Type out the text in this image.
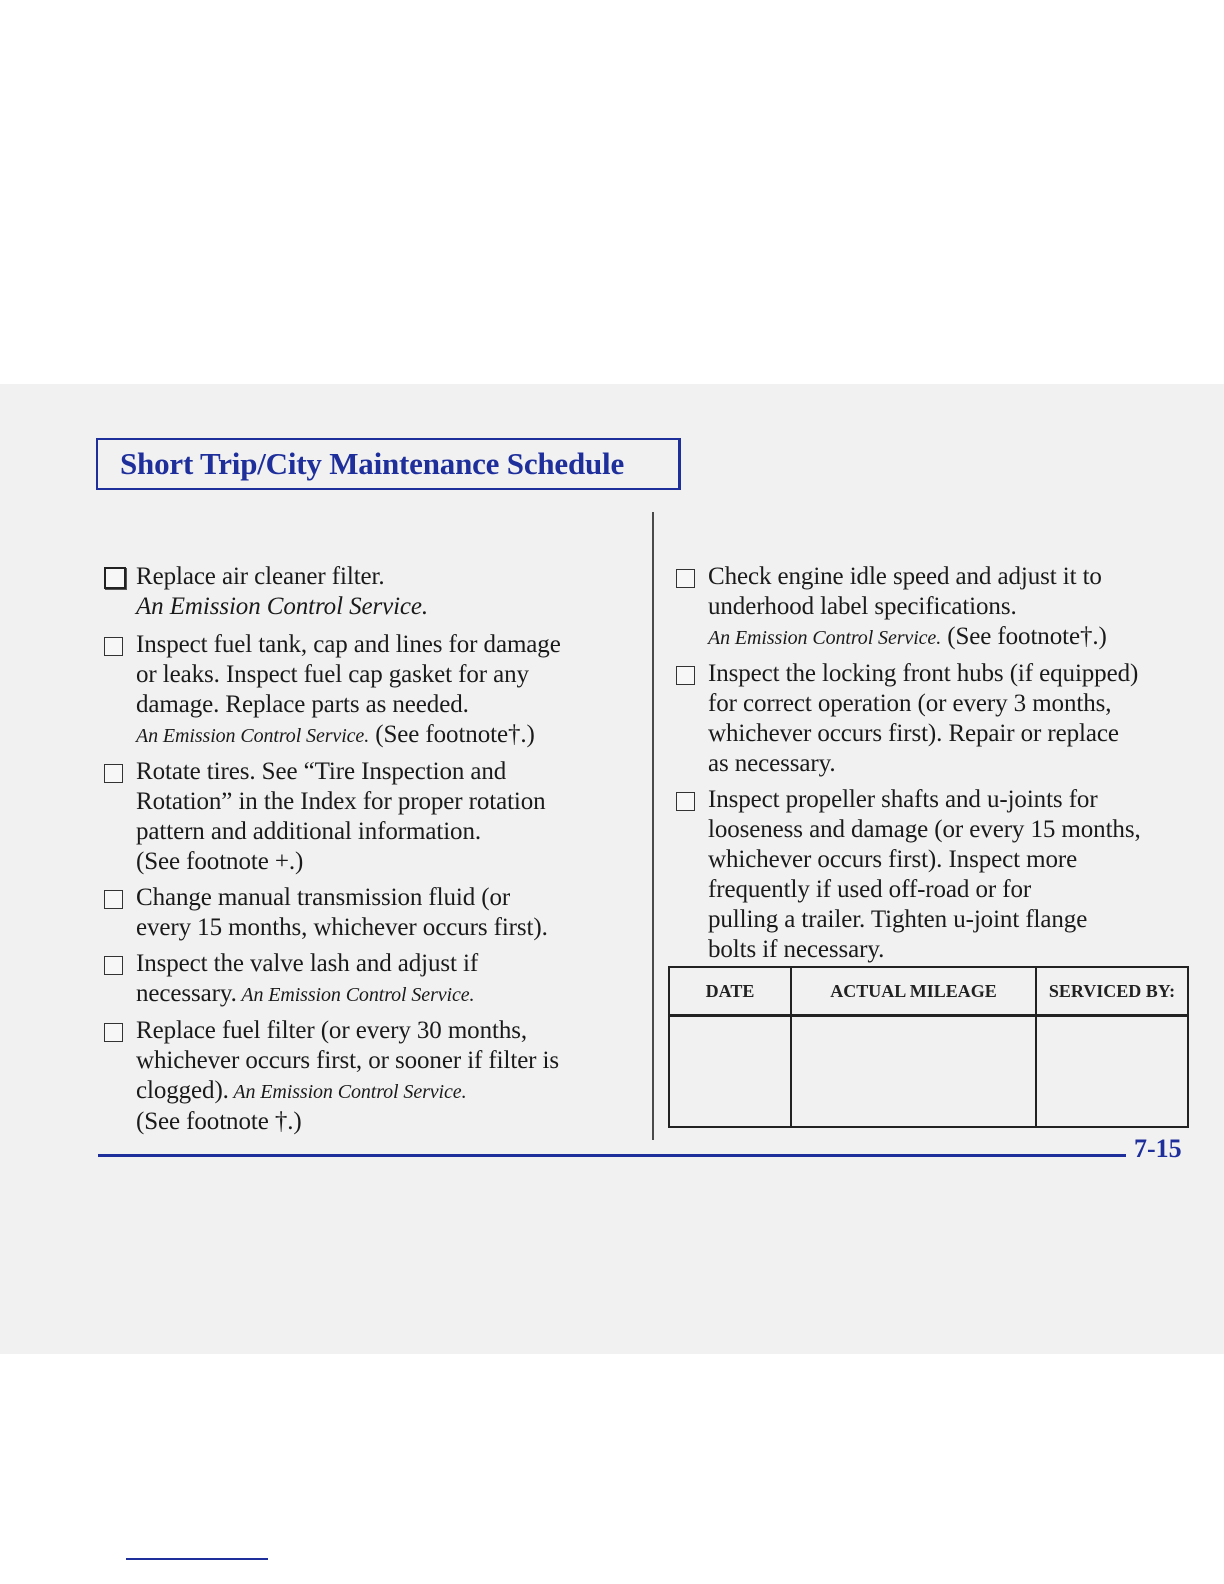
Short Trip/City Maintenance Schedule
Replace air cleaner filter.
An Emission Control Service.
Inspect fuel tank, cap and lines for damage
or leaks. Inspect fuel cap gasket for any
damage. Replace parts as needed.
An Emission Control Service. (See footnote†.)
Rotate tires. See “Tire Inspection and
Rotation” in the Index for proper rotation
pattern and additional information.
(See footnote +.)
Change manual transmission fluid (or
every 15 months, whichever occurs first).
Inspect the valve lash and adjust if
necessary. An Emission Control Service.
Replace fuel filter (or every 30 months,
whichever occurs first, or sooner if filter is
clogged). An Emission Control Service.
(See footnote †.)
Check engine idle speed and adjust it to
underhood label specifications.
An Emission Control Service. (See footnote†.)
Inspect the locking front hubs (if equipped)
for correct operation (or every 3 months,
whichever occurs first). Repair or replace
as necessary.
Inspect propeller shafts and u-joints for
looseness and damage (or every 15 months,
whichever occurs first). Inspect more
frequently if used off-road or for
pulling a trailer. Tighten u-joint flange
bolts if necessary.
DATE	ACTUAL MILEAGE	SERVICED BY:

7-15
